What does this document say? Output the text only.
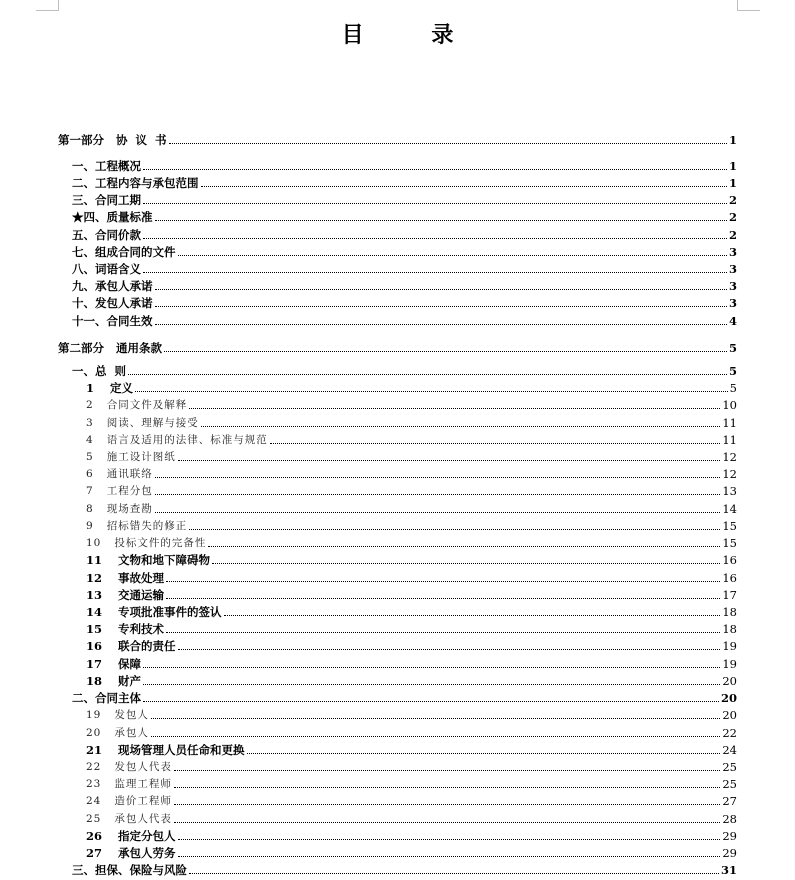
目 录
第一部分   协  议  书	1
一、工程概况	1
二、工程内容与承包范围	1
三、合同工期	2
★四、质量标准	2
五、合同价款	2
七、组成合同的文件	3
八、词语含义	3
九、承包人承诺	3
十、发包人承诺	3
十一、合同生效	4
第二部分   通用条款	5
一、总  则	5
1    定义	5
2   合同文件及解释	10
3   阅读、理解与接受	11
4   语言及适用的法律、标准与规范	11
5   施工设计图纸	12
6   通讯联络	12
7   工程分包	13
8   现场查勘	14
9   招标错失的修正	15
10   投标文件的完备性	15
11    文物和地下障碍物	16
12    事故处理	16
13    交通运输	17
14    专项批准事件的签认	18
15    专利技术	18
16    联合的责任	19
17    保障	19
18    财产	20
二、合同主体	20
19   发包人	20
20   承包人	22
21    现场管理人员任命和更换	24
22   发包人代表	25
23   监理工程师	25
24   造价工程师	27
25   承包人代表	28
26    指定分包人	29
27    承包人劳务	29
三、担保、保险与风险	31
